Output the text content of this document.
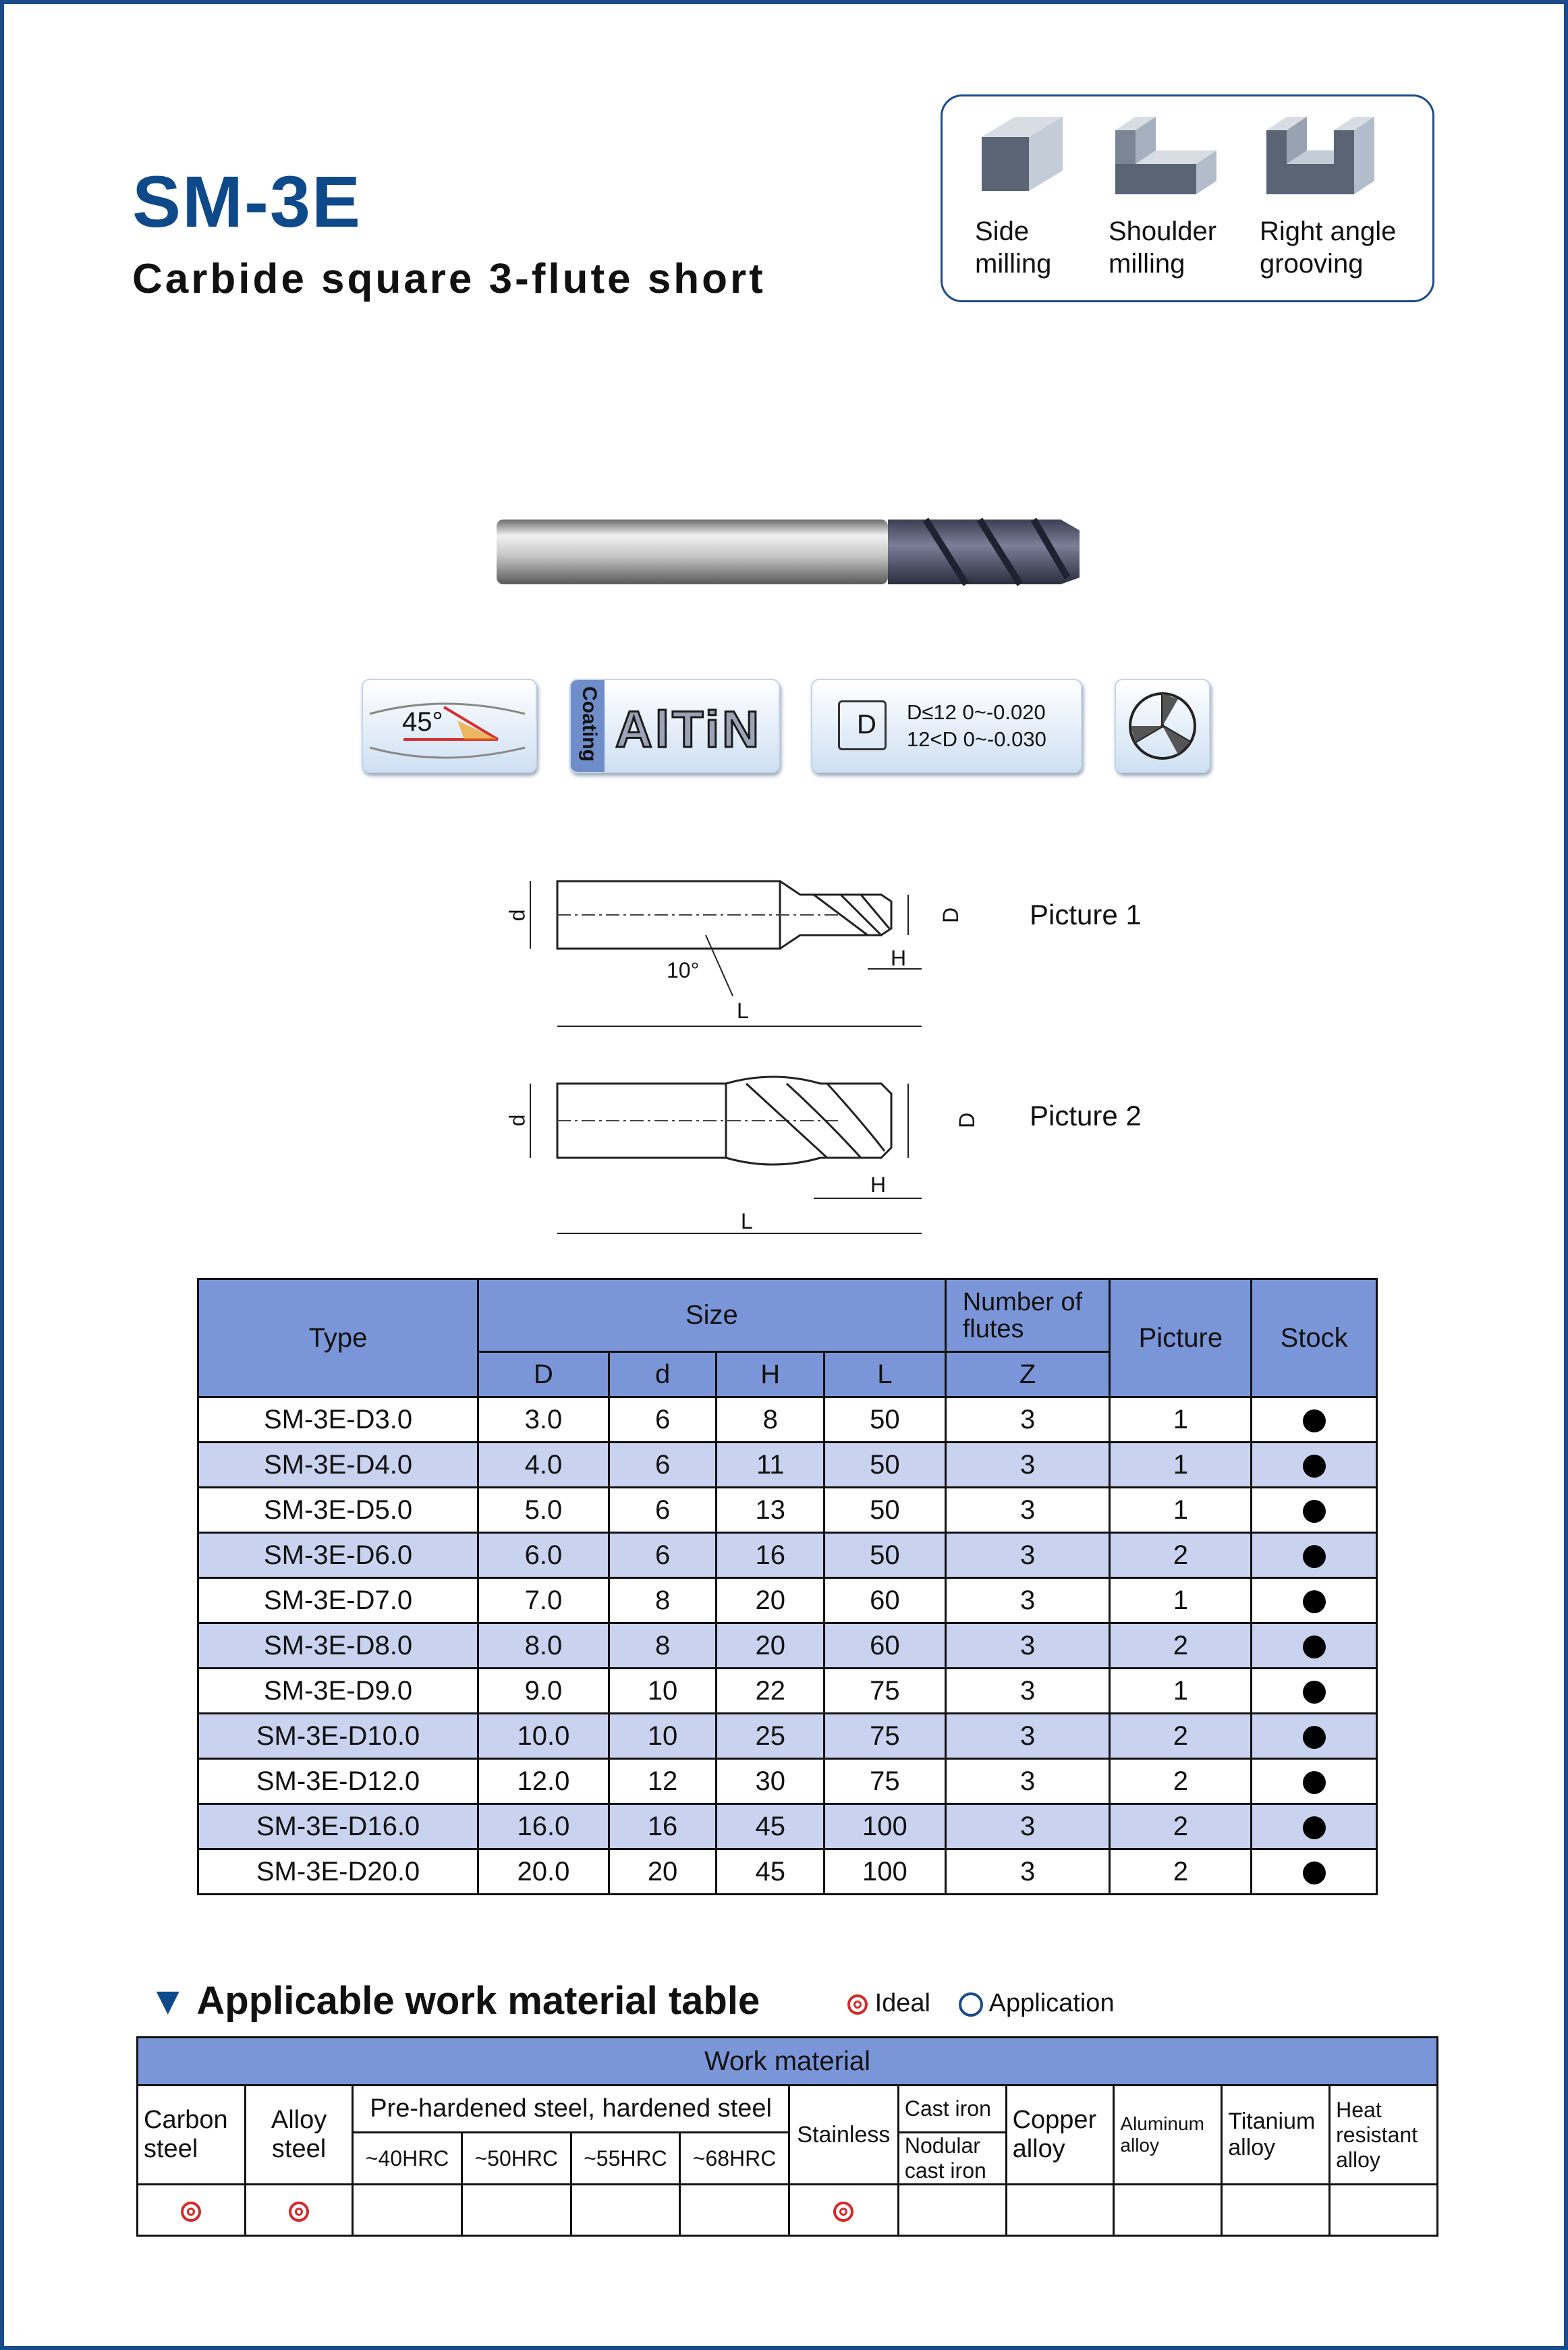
SM-3E
Carbide square 3-flute short
Side
milling
Shoulder
milling
Right angle
grooving
45°	Coating AlTiN	D D≤12 0~-0.020
12<D 0~-0.030
d	D
H
10°
L
Picture 1
d	D
H
L
Picture 2
Type	Size				Number of flutes	Picture	Stock
	D	d	H	L	Z		
SM-3E-D3.0	3.0	6	8	50	3	1	
SM-3E-D4.0	4.0	6	11	50	3	1	
SM-3E-D5.0	5.0	6	13	50	3	1	
SM-3E-D6.0	6.0	6	16	50	3	2	
SM-3E-D7.0	7.0	8	20	60	3	1	
SM-3E-D8.0	8.0	8	20	60	3	2	
SM-3E-D9.0	9.0	10	22	75	3	1	
SM-3E-D10.0	10.0	10	25	75	3	2	
SM-3E-D12.0	12.0	12	30	75	3	2	
SM-3E-D16.0	16.0	16	45	100	3	2	
SM-3E-D20.0	20.0	20	45	100	3	2	
▼ Applicable work material table	Ideal Application
Work material											
Carbon steel	Alloy steel	Pre-hardened steel, hardened steel				Stainless	Cast iron	Copper alloy	Aluminum alloy	Titanium alloy	Heat resistant alloy
		~40HRC	~50HRC	~55HRC	~68HRC		Nodular cast iron				
